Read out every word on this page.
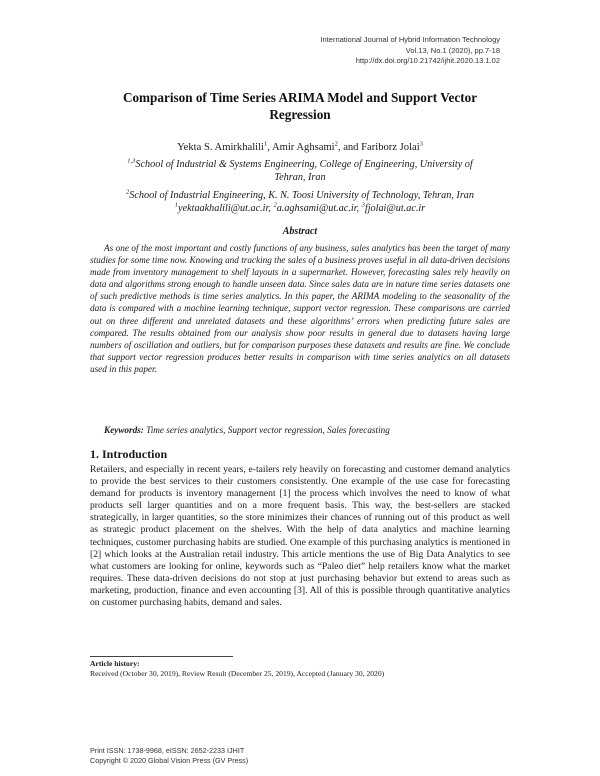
International Journal of Hybrid Information Technology
Vol.13, No.1 (2020), pp.7-18
http://dx.doi.org/10.21742/ijhit.2020.13.1.02
Comparison of Time Series ARIMA Model and Support Vector
Regression
Yekta S. Amirkhalili$^1$, Amir Aghsami$^2$, and Fariborz Jolai$^3$
$^{1,3}$School of Industrial & Systems Engineering, College of Engineering, University of
Tehran, Iran
$^2$School of Industrial Engineering, K. N. Toosi University of Technology, Tehran, Iran
$^1$yektaakhalili@ut.ac.ir, $^2$a.aghsami@ut.ac.ir, $^3$fjolai@ut.ac.ir
Abstract
As one of the most important and costly functions of any business, sales analytics has been the target of many studies for some time now. Knowing and tracking the sales of a business proves useful in all data-driven decisions made from inventory management to shelf layouts in a supermarket. However, forecasting sales rely heavily on data and algorithms strong enough to handle unseen data. Since sales data are in nature time series datasets one of such predictive methods is time series analytics. In this paper, the ARIMA modeling to the seasonality of the data is compared with a machine learning technique, support vector regression. These comparisons are carried out on three different and unrelated datasets and these algorithms’ errors when predicting future sales are compared. The results obtained from our analysis show poor results in general due to datasets having large numbers of oscillation and outliers, but for comparison purposes these datasets and results are fine. We conclude that support vector regression produces better results in comparison with time series analytics on all datasets used in this paper.
Keywords: Time series analytics, Support vector regression, Sales forecasting
1. Introduction
Retailers, and especially in recent years, e-tailers rely heavily on forecasting and customer demand analytics to provide the best services to their customers consistently. One example of the use case for forecasting demand for products is inventory management [1] the process which involves the need to know of what products sell larger quantities and on a more frequent basis. This way, the best-sellers are stacked strategically, in larger quantities, so the store minimizes their chances of running out of this product as well as strategic product placement on the shelves. With the help of data analytics and machine learning techniques, customer purchasing habits are studied. One example of this purchasing analytics is mentioned in [2] which looks at the Australian retail industry. This article mentions the use of Big Data Analytics to see what customers are looking for online, keywords such as “Paleo diet” help retailers know what the market requires. These data-driven decisions do not stop at just purchasing behavior but extend to areas such as marketing, production, finance and even accounting [3]. All of this is possible through quantitative analytics on customer purchasing habits, demand and sales.
Article history:
Received (October 30, 2019), Review Result (December 25, 2019), Accepted (January 30, 2020)
Print ISSN: 1738-9968, eISSN: 2652-2233 IJHIT
Copyright © 2020 Global Vision Press (GV Press)
